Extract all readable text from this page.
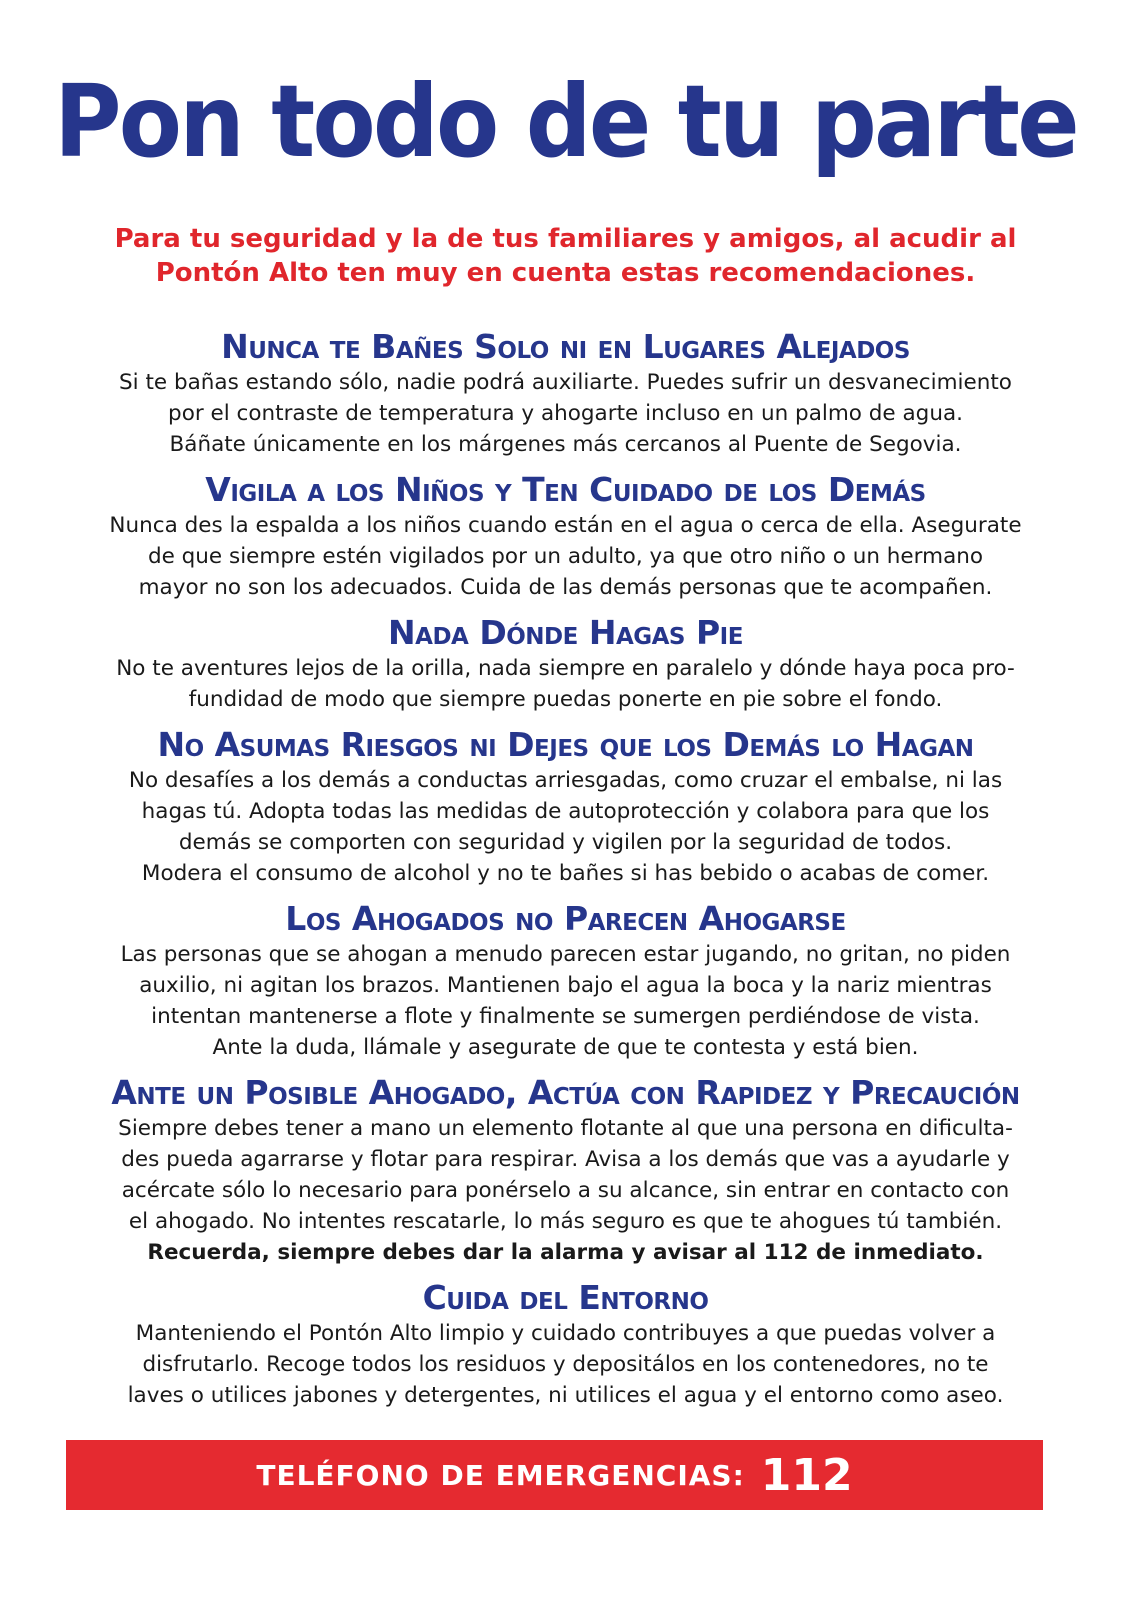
Pon todo de tu parte
Para tu seguridad y la de tus familiares y amigos, al acudir al Pontón Alto ten muy en cuenta estas recomendaciones.
Nunca te Bañes Solo ni en Lugares Alejados
Si te bañas estando sólo, nadie podrá auxiliarte. Puedes sufrir un desvanecimiento
por el contraste de temperatura y ahogarte incluso en un palmo de agua.
Báñate únicamente en los márgenes más cercanos al Puente de Segovia.
Vigila a los Niños y Ten Cuidado de los Demás
Nunca des la espalda a los niños cuando están en el agua o cerca de ella. Asegurate
de que siempre estén vigilados por un adulto, ya que otro niño o un hermano
mayor no son los adecuados. Cuida de las demás personas que te acompañen.
Nada Dónde Hagas Pie
No te aventures lejos de la orilla, nada siempre en paralelo y dónde haya poca pro-
fundidad de modo que siempre puedas ponerte en pie sobre el fondo.
No Asumas Riesgos ni Dejes que los Demás lo Hagan
No desafíes a los demás a conductas arriesgadas, como cruzar el embalse, ni las
hagas tú. Adopta todas las medidas de autoprotección y colabora para que los
demás se comporten con seguridad y vigilen por la seguridad de todos.
Modera el consumo de alcohol y no te bañes si has bebido o acabas de comer.
Los Ahogados no Parecen Ahogarse
Las personas que se ahogan a menudo parecen estar jugando, no gritan, no piden
auxilio, ni agitan los brazos. Mantienen bajo el agua la boca y la nariz mientras
intentan mantenerse a flote y finalmente se sumergen perdiéndose de vista.
Ante la duda, llámale y asegurate de que te contesta y está bien.
Ante un Posible Ahogado, Actúa con Rapidez y Precaución
Siempre debes tener a mano un elemento flotante al que una persona en dificulta-
des pueda agarrarse y flotar para respirar. Avisa a los demás que vas a ayudarle y
acércate sólo lo necesario para ponérselo a su alcance, sin entrar en contacto con
el ahogado. No intentes rescatarle, lo más seguro es que te ahogues tú también.
Recuerda, siempre debes dar la alarma y avisar al 112 de inmediato.
Cuida del Entorno
Manteniendo el Pontón Alto limpio y cuidado contribuyes a que puedas volver a
disfrutarlo. Recoge todos los residuos y depositálos en los contenedores, no te
laves o utilices jabones y detergentes, ni utilices el agua y el entorno como aseo.
TELÉFONO DE EMERGENCIAS: 112
